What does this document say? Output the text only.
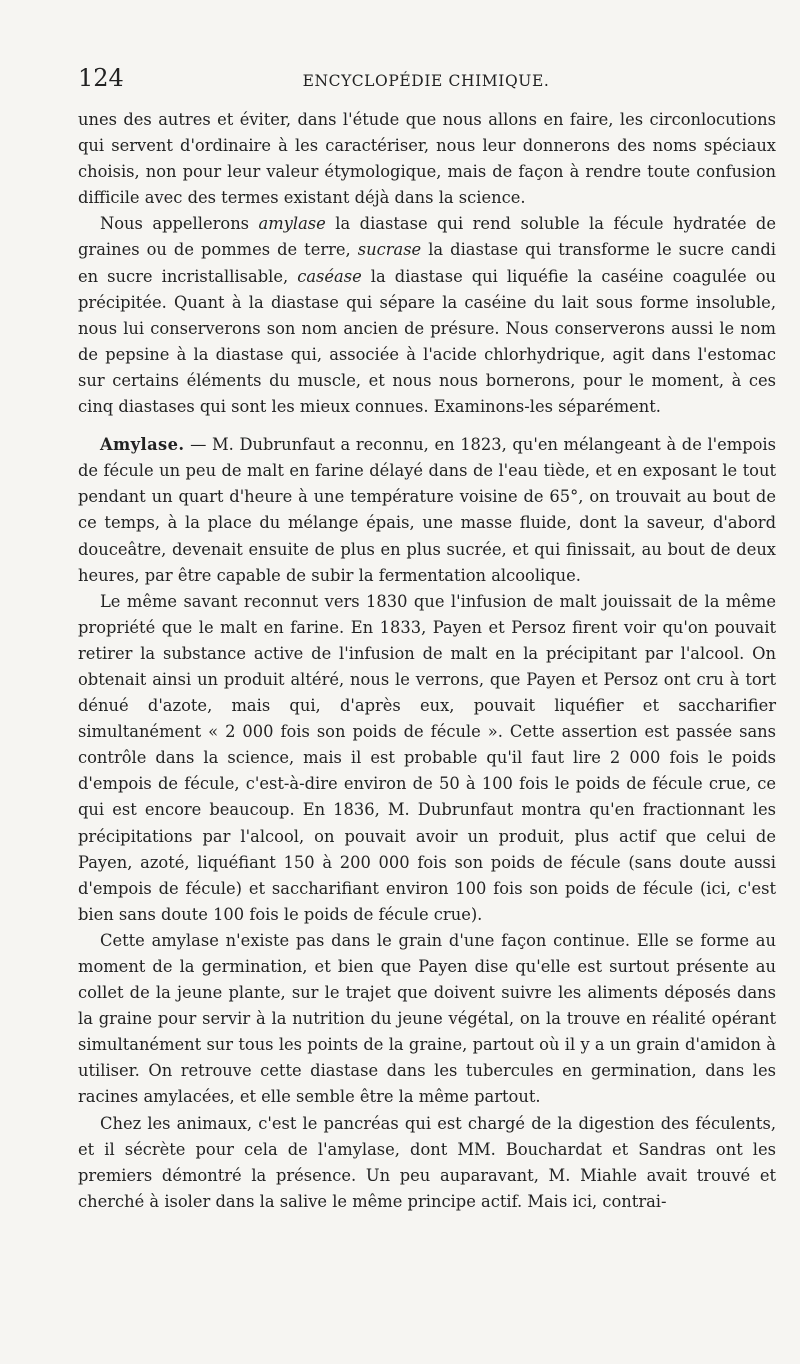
124	ENCYCLOPÉDIE CHIMIQUE.

unes des autres et éviter, dans l'étude que nous allons en faire, les circonlocutions qui servent d'ordinaire à les caractériser, nous leur donnerons des noms spéciaux choisis, non pour leur valeur étymologique, mais de façon à rendre toute confusion difficile avec des termes existant déjà dans la science.

Nous appellerons amylase la diastase qui rend soluble la fécule hydratée de graines ou de pommes de terre, sucrase la diastase qui transforme le sucre candi en sucre incristallisable, caséase la diastase qui liquéfie la caséine coagulée ou précipitée. Quant à la diastase qui sépare la caséine du lait sous forme insoluble, nous lui conserverons son nom ancien de présure. Nous conserverons aussi le nom de pepsine à la diastase qui, associée à l'acide chlorhydrique, agit dans l'estomac sur certains éléments du muscle, et nous nous bornerons, pour le moment, à ces cinq diastases qui sont les mieux connues. Examinons-les séparément.

Amylase. — M. Dubrunfaut a reconnu, en 1823, qu'en mélangeant à de l'empois de fécule un peu de malt en farine délayé dans de l'eau tiède, et en exposant le tout pendant un quart d'heure à une température voisine de 65°, on trouvait au bout de ce temps, à la place du mélange épais, une masse fluide, dont la saveur, d'abord douceâtre, devenait ensuite de plus en plus sucrée, et qui finissait, au bout de deux heures, par être capable de subir la fermentation alcoolique.

Le même savant reconnut vers 1830 que l'infusion de malt jouissait de la même propriété que le malt en farine. En 1833, Payen et Persoz firent voir qu'on pouvait retirer la substance active de l'infusion de malt en la précipitant par l'alcool. On obtenait ainsi un produit altéré, nous le verrons, que Payen et Persoz ont cru à tort dénué d'azote, mais qui, d'après eux, pouvait liquéfier et saccharifier simultanément « 2 000 fois son poids de fécule ». Cette assertion est passée sans contrôle dans la science, mais il est probable qu'il faut lire 2 000 fois le poids d'empois de fécule, c'est-à-dire environ de 50 à 100 fois le poids de fécule crue, ce qui est encore beaucoup. En 1836, M. Dubrunfaut montra qu'en fractionnant les précipitations par l'alcool, on pouvait avoir un produit, plus actif que celui de Payen, azoté, liquéfiant 150 à 200 000 fois son poids de fécule (sans doute aussi d'empois de fécule) et saccharifiant environ 100 fois son poids de fécule (ici, c'est bien sans doute 100 fois le poids de fécule crue).

Cette amylase n'existe pas dans le grain d'une façon continue. Elle se forme au moment de la germination, et bien que Payen dise qu'elle est surtout présente au collet de la jeune plante, sur le trajet que doivent suivre les aliments déposés dans la graine pour servir à la nutrition du jeune végétal, on la trouve en réalité opérant simultanément sur tous les points de la graine, partout où il y a un grain d'amidon à utiliser. On retrouve cette diastase dans les tubercules en germination, dans les racines amylacées, et elle semble être la même partout.

Chez les animaux, c'est le pancréas qui est chargé de la digestion des féculents, et il sécrète pour cela de l'amylase, dont MM. Bouchardat et Sandras ont les premiers démontré la présence. Un peu auparavant, M. Miahle avait trouvé et cherché à isoler dans la salive le même principe actif. Mais ici, contrai-
